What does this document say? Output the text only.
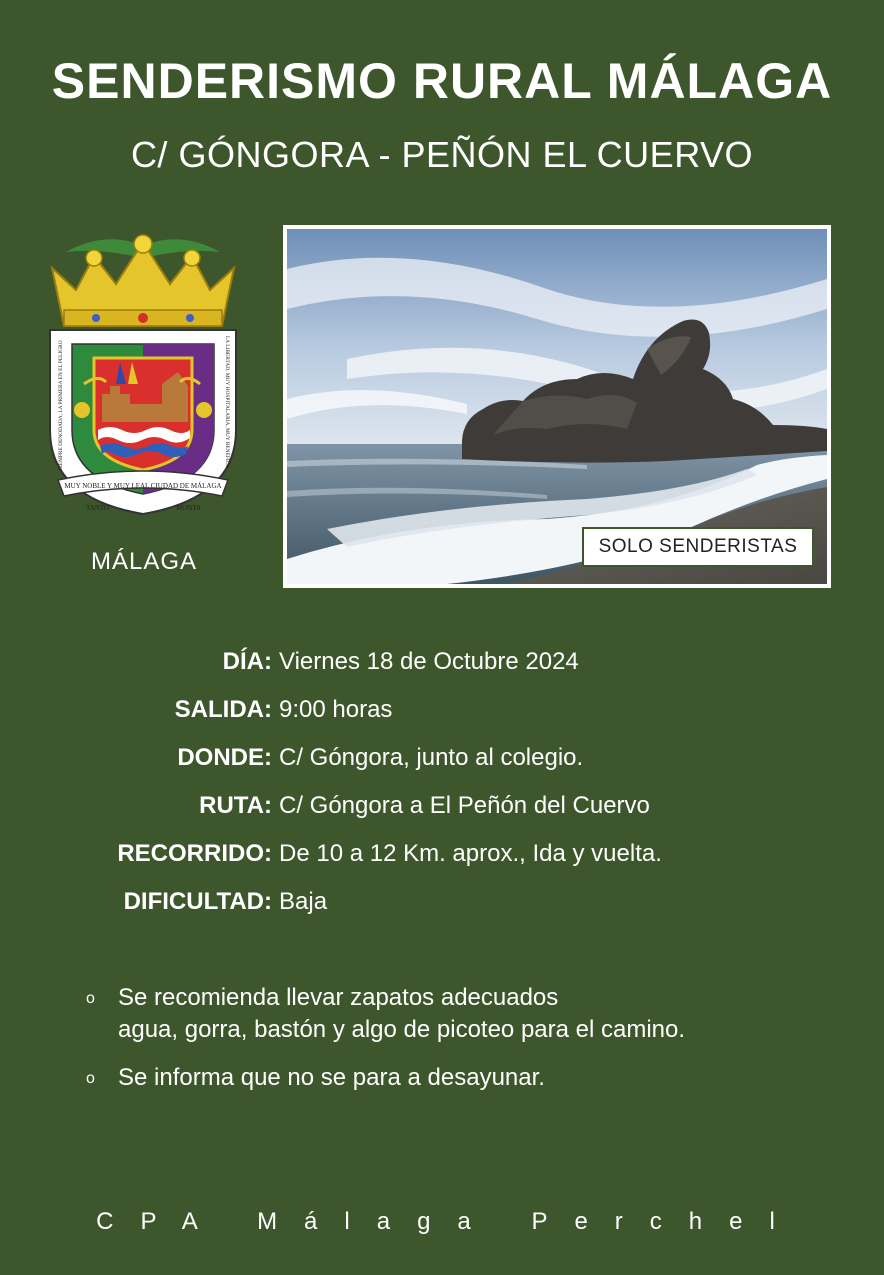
SENDERISMO RURAL MÁLAGA
C/ GÓNGORA - PEÑÓN EL CUERVO
MUY NOBLE Y MUY LEAL CIUDAD DE MÁLAGA
TANTO	MONTA
SIEMPRE DENODADA, LA PRIMERA EN EL PELIGRO	LA LIBERTAD, MUY HOSPITALARIA, MUY BENÉFICA
MÁLAGA
SOLO SENDERISTAS
DÍA: Viernes 18 de Octubre 2024
SALIDA: 9:00 horas
DONDE: C/ Góngora, junto al colegio.
RUTA: C/ Góngora a El Peñón del Cuervo
RECORRIDO: De 10 a 12 Km. aprox., Ida y vuelta.
DIFICULTAD: Baja
o Se recomienda llevar zapatos adecuados
agua, gorra, bastón y algo de picoteo para el camino.
o Se informa que no se para a desayunar.
CPA Málaga Perchel
